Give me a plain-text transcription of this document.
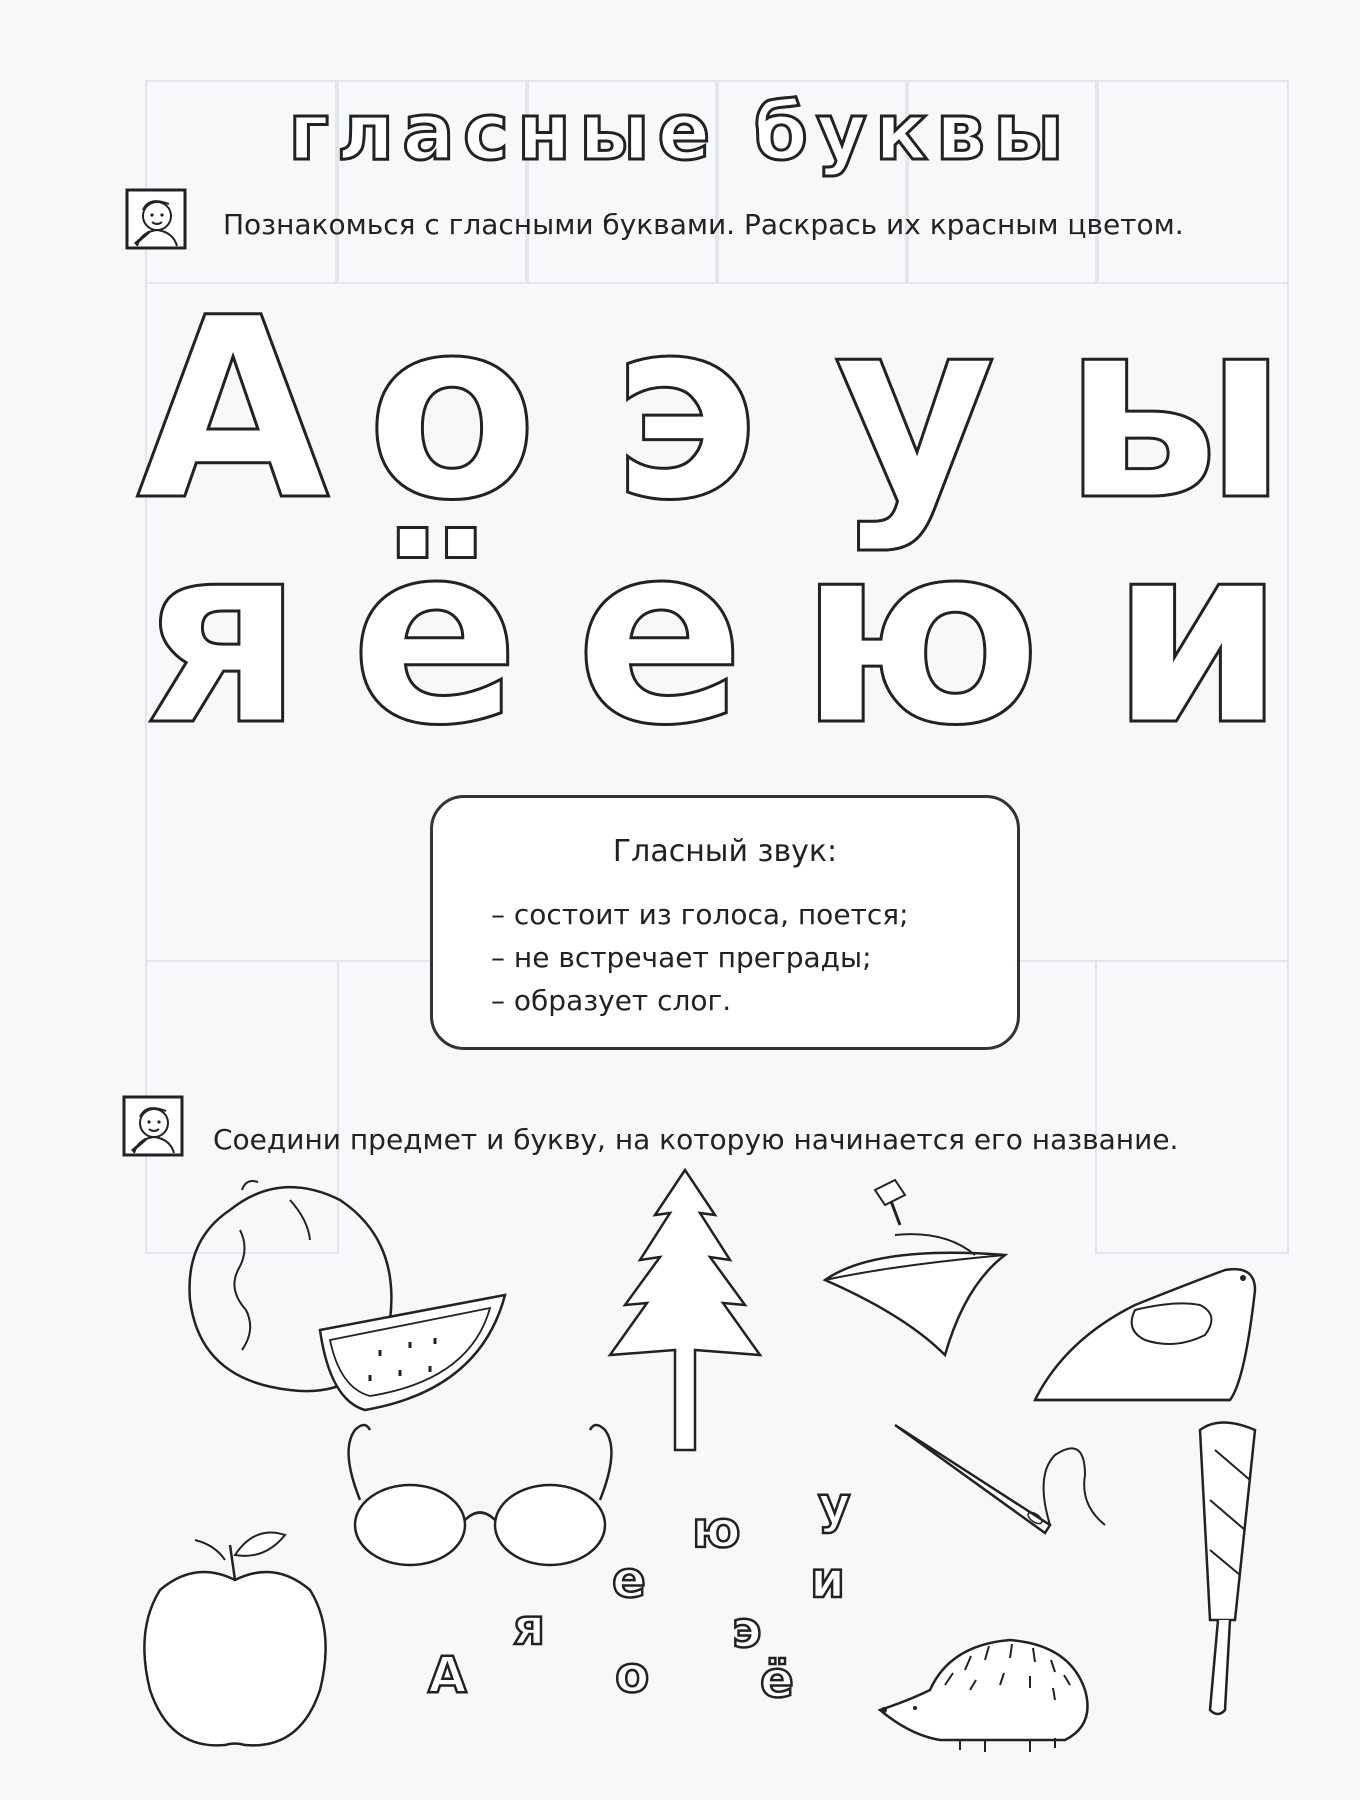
гласные буквы
Познакомься с гласными буквами. Раскрась их красным цветом.
А о э у ы
я ё е ю и
Гласный звук:
– состоит из голоса, поется;
– не встречает преграды;
– образует слог.
Соедини предмет и букву, на которую начинается его название.
у
ю
е	и
я	э
А	о ё
